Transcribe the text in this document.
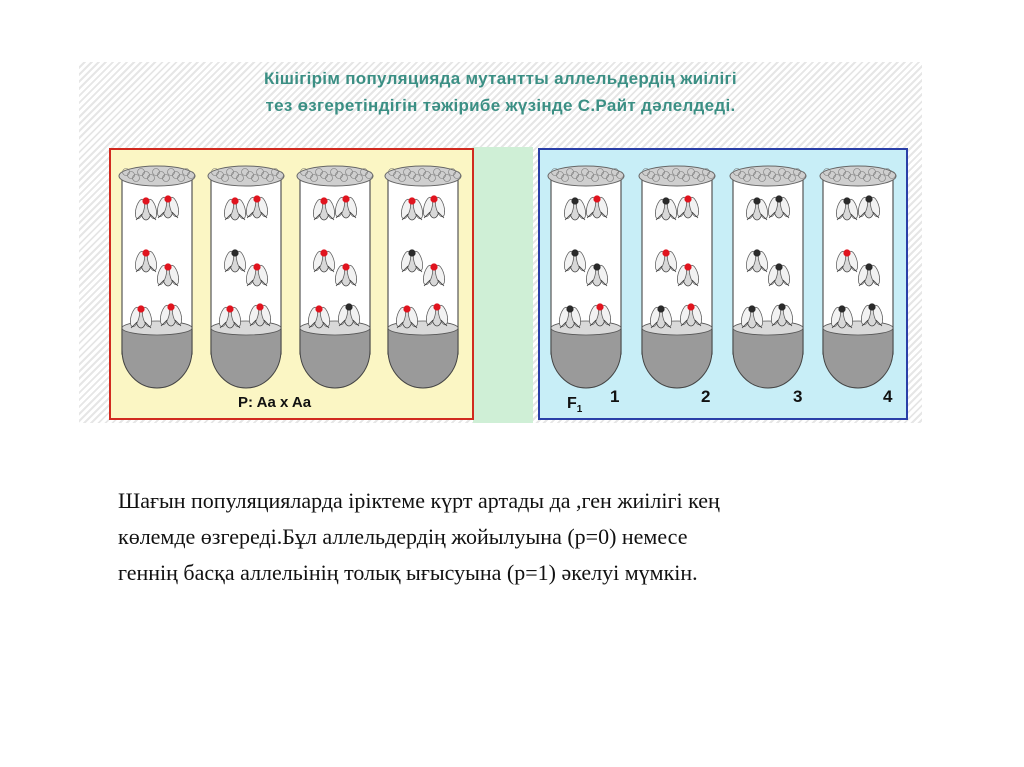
Кішігірім популяцияда мутантты аллельдердің жиілігі
тез өзгеретіндігін тәжірибе жүзінде С.Райт дәлелдеді.
P: Aa x Aa	$F_1$
1	2	3	4
Шағын популяцияларда іріктеме күрт артады да ,ген жиілігі кең
көлемде өзгереді.Бұл аллельдердің жойылуына (р=0) немесе
геннің басқа аллельінің толық ығысуына (р=1) әкелуі мүмкін.
